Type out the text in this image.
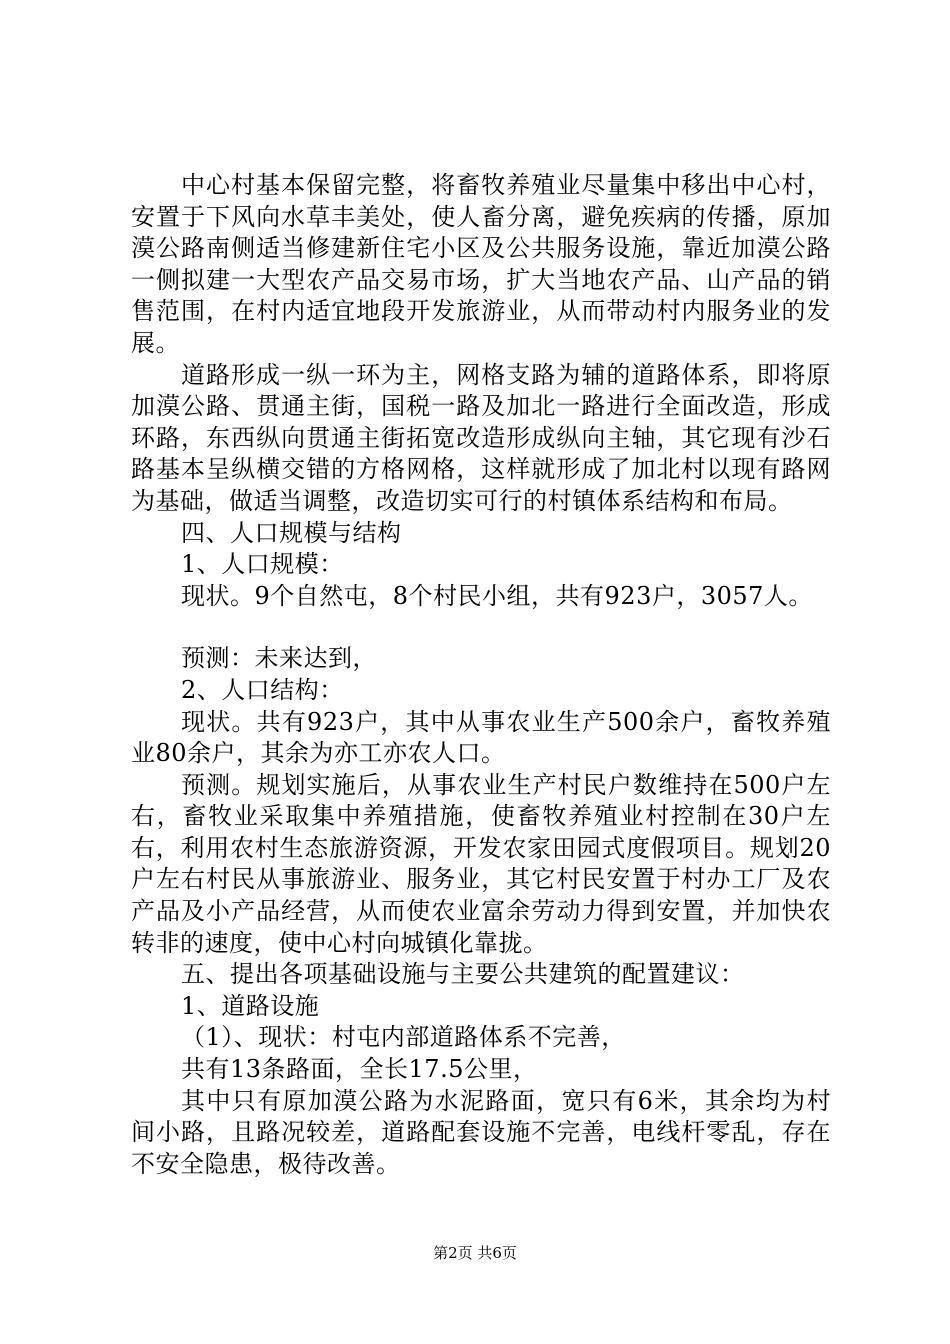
中心村基本保留完整，将畜牧养殖业尽量集中移出中心村，安置于下风向水草丰美处，使人畜分离，避免疾病的传播，原加漠公路南侧适当修建新住宅小区及公共服务设施，靠近加漠公路一侧拟建一大型农产品交易市场，扩大当地农产品、山产品的销售范围，在村内适宜地段开发旅游业，从而带动村内服务业的发展。

道路形成一纵一环为主，网格支路为辅的道路体系，即将原加漠公路、贯通主街，国税一路及加北一路进行全面改造，形成环路，东西纵向贯通主街拓宽改造形成纵向主轴，其它现有沙石路基本呈纵横交错的方格网格，这样就形成了加北村以现有路网为基础，做适当调整，改造切实可行的村镇体系结构和布局。

四、人口规模与结构

1、人口规模：

现状。9个自然屯，8个村民小组，共有923户，3057人。

预测：未来达到，

2、人口结构：

现状。共有923户，其中从事农业生产500余户，畜牧养殖业80余户，其余为亦工亦农人口。

预测。规划实施后，从事农业生产村民户数维持在500户左右，畜牧业采取集中养殖措施，使畜牧养殖业村控制在30户左右，利用农村生态旅游资源，开发农家田园式度假项目。规划20户左右村民从事旅游业、服务业，其它村民安置于村办工厂及农产品及小产品经营，从而使农业富余劳动力得到安置，并加快农转非的速度，使中心村向城镇化靠拢。

五、提出各项基础设施与主要公共建筑的配置建议：

1、道路设施

（1）、现状：村屯内部道路体系不完善，

共有13条路面，全长17.5公里，

其中只有原加漠公路为水泥路面，宽只有6米，其余均为村间小路，且路况较差，道路配套设施不完善，电线杆零乱，存在不安全隐患，极待改善。

第2页 共6页
